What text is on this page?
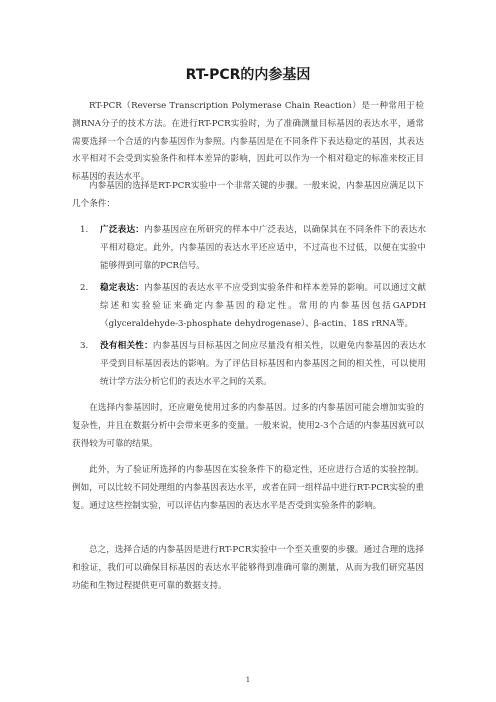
RT-PCR的内参基因

RT-PCR（Reverse Transcription Polymerase Chain Reaction）是一种常用于检测RNA分子的技术方法。在进行RT-PCR实验时，为了准确测量目标基因的表达水平，通常需要选择一个合适的内参基因作为参照。内参基因是在不同条件下表达稳定的基因，其表达水平相对不会受到实验条件和样本差异的影响，因此可以作为一个相对稳定的标准来校正目标基因的表达水平。

内参基因的选择是RT-PCR实验中一个非常关键的步骤。一般来说，内参基因应满足以下几个条件：

1.	广泛表达：内参基因应在所研究的样本中广泛表达，以确保其在不同条件下的表达水平相对稳定。此外，内参基因的表达水平还应适中，不过高也不过低，以便在实验中能够得到可靠的PCR信号。
2.	稳定表达：内参基因的表达水平不应受到实验条件和样本差异的影响。可以通过文献综述和实验验证来确定内参基因的稳定性。常用的内参基因包括GAPDH（glyceraldehyde-3-phosphate dehydrogenase）、β-actin、18S rRNA等。
3.	没有相关性：内参基因与目标基因之间应尽量没有相关性，以避免内参基因的表达水平受到目标基因表达的影响。为了评估目标基因和内参基因之间的相关性，可以使用统计学方法分析它们的表达水平之间的关系。

在选择内参基因时，还应避免使用过多的内参基因。过多的内参基因可能会增加实验的复杂性，并且在数据分析中会带来更多的变量。一般来说，使用2-3个合适的内参基因就可以获得较为可靠的结果。

此外，为了验证所选择的内参基因在实验条件下的稳定性，还应进行合适的实验控制。例如，可以比较不同处理组的内参基因表达水平，或者在同一组样品中进行RT-PCR实验的重复。通过这些控制实验，可以评估内参基因的表达水平是否受到实验条件的影响。

总之，选择合适的内参基因是进行RT-PCR实验中一个至关重要的步骤。通过合理的选择和验证，我们可以确保目标基因的表达水平能够得到准确可靠的测量，从而为我们研究基因功能和生物过程提供更可靠的数据支持。

1
